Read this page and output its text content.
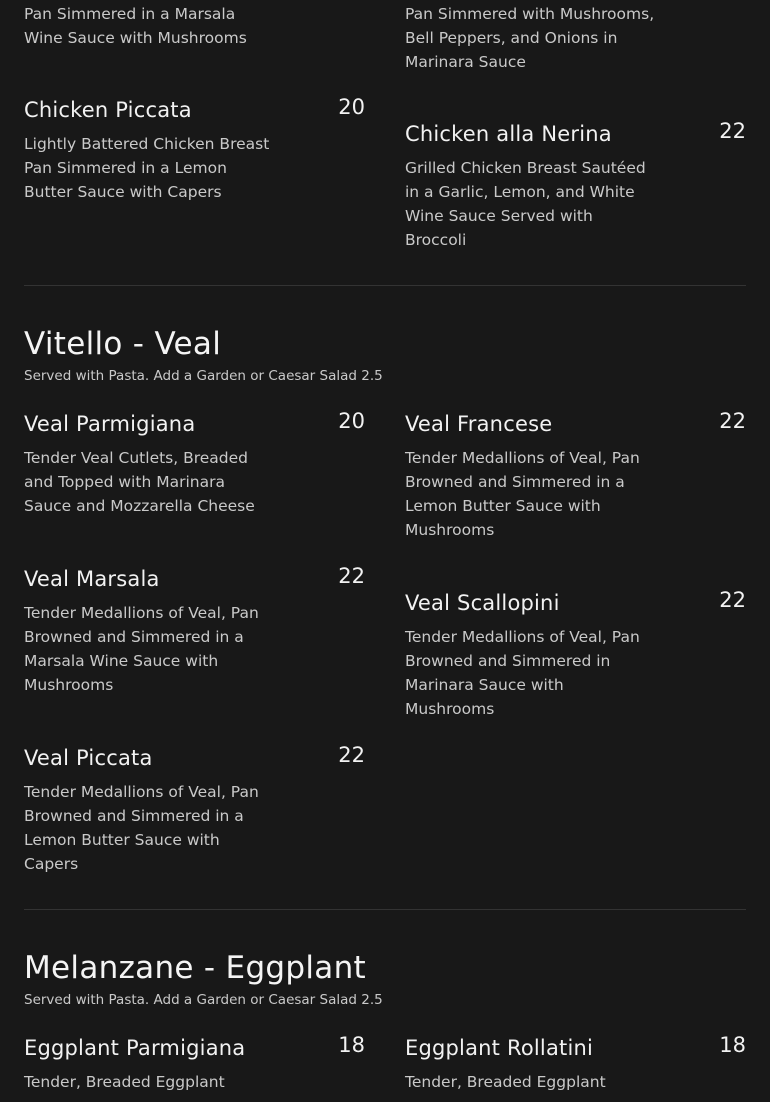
Pan Simmered in a Marsala Wine Sauce with Mushrooms
Pan Simmered with Mushrooms, Bell Peppers, and Onions in Marinara Sauce
Chicken Piccata	20
Lightly Battered Chicken Breast Pan Simmered in a Lemon Butter Sauce with Capers
Chicken alla Nerina	22
Grilled Chicken Breast Sautéed in a Garlic, Lemon, and White Wine Sauce Served with Broccoli
Vitello - Veal
Served with Pasta. Add a Garden or Caesar Salad 2.5
Veal Parmigiana	20
Tender Veal Cutlets, Breaded and Topped with Marinara Sauce and Mozzarella Cheese
Veal Francese	22
Tender Medallions of Veal, Pan Browned and Simmered in a Lemon Butter Sauce with Mushrooms
Veal Marsala	22
Tender Medallions of Veal, Pan Browned and Simmered in a Marsala Wine Sauce with Mushrooms
Veal Scallopini	22
Tender Medallions of Veal, Pan Browned and Simmered in Marinara Sauce with Mushrooms
Veal Piccata	22
Tender Medallions of Veal, Pan Browned and Simmered in a Lemon Butter Sauce with Capers
Melanzane - Eggplant
Served with Pasta. Add a Garden or Caesar Salad 2.5
Eggplant Parmigiana	18
Tender, Breaded Eggplant
Eggplant Rollatini	18
Tender, Breaded Eggplant
